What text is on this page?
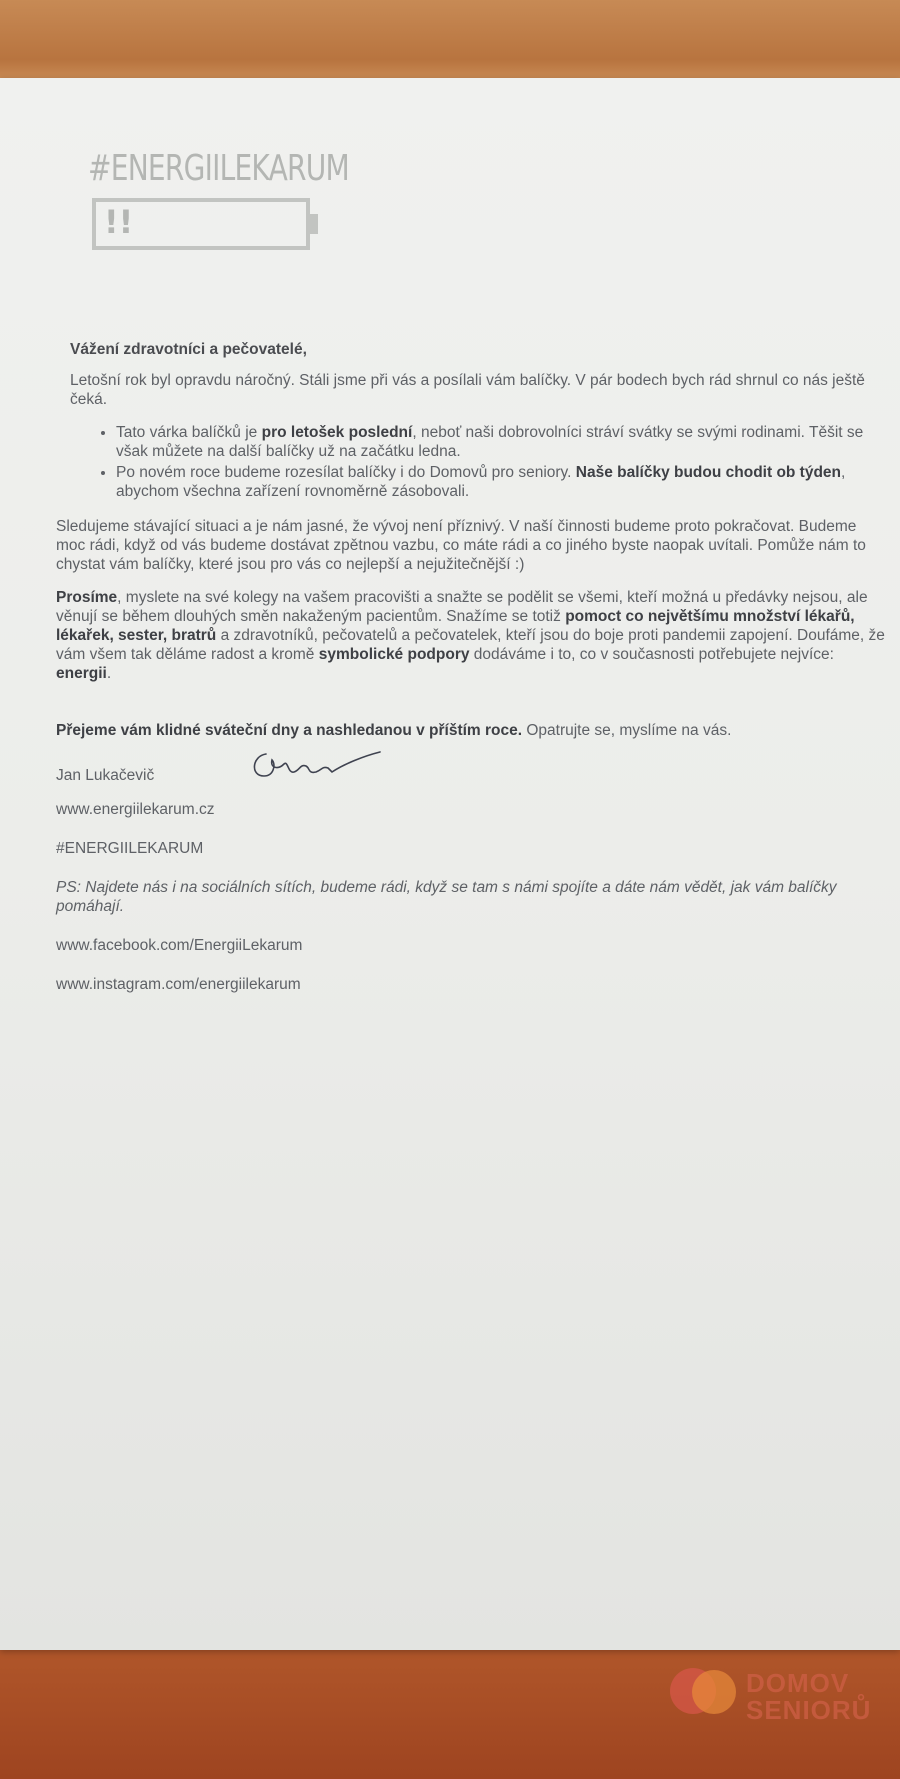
#ENERGIILEKARUM
!!
Vážení zdravotníci a pečovatelé,

Letošní rok byl opravdu náročný. Stáli jsme při vás a posílali vám balíčky. V pár bodech bych rád shrnul co nás ještě čeká.

• Tato várka balíčků je pro letošek poslední, neboť naši dobrovolníci stráví svátky se svými rodinami. Těšit se však můžete na další balíčky už na začátku ledna.
• Po novém roce budeme rozesílat balíčky i do Domovů pro seniory. Naše balíčky budou chodit ob týden, abychom všechna zařízení rovnoměrně zásobovali.

Sledujeme stávající situaci a je nám jasné, že vývoj není příznivý. V naší činnosti budeme proto pokračovat. Budeme moc rádi, když od vás budeme dostávat zpětnou vazbu, co máte rádi a co jiného byste naopak uvítali. Pomůže nám to chystat vám balíčky, které jsou pro vás co nejlepší a nejužitečnější :)

Prosíme, myslete na své kolegy na vašem pracovišti a snažte se podělit se všemi, kteří možná u předávky nejsou, ale věnují se během dlouhých směn nakaženým pacientům. Snažíme se totiž pomoct co největšímu množství lékařů, lékařek, sester, bratrů a zdravotníků, pečovatelů a pečovatelek, kteří jsou do boje proti pandemii zapojení. Doufáme, že vám všem tak děláme radost a kromě symbolické podpory dodáváme i to, co v současnosti potřebujete nejvíce: energii.

Přejeme vám klidné sváteční dny a nashledanou v příštím roce. Opatrujte se, myslíme na vás.

Jan Lukačevič
www.energiilekarum.cz
#ENERGIILEKARUM
PS: Najdete nás i na sociálních sítích, budeme rádi, když se tam s námi spojíte a dáte nám vědět, jak vám balíčky pomáhají.
www.facebook.com/EnergiiLekarum
www.instagram.com/energiilekarum
DOMOV
SENIORŮ
